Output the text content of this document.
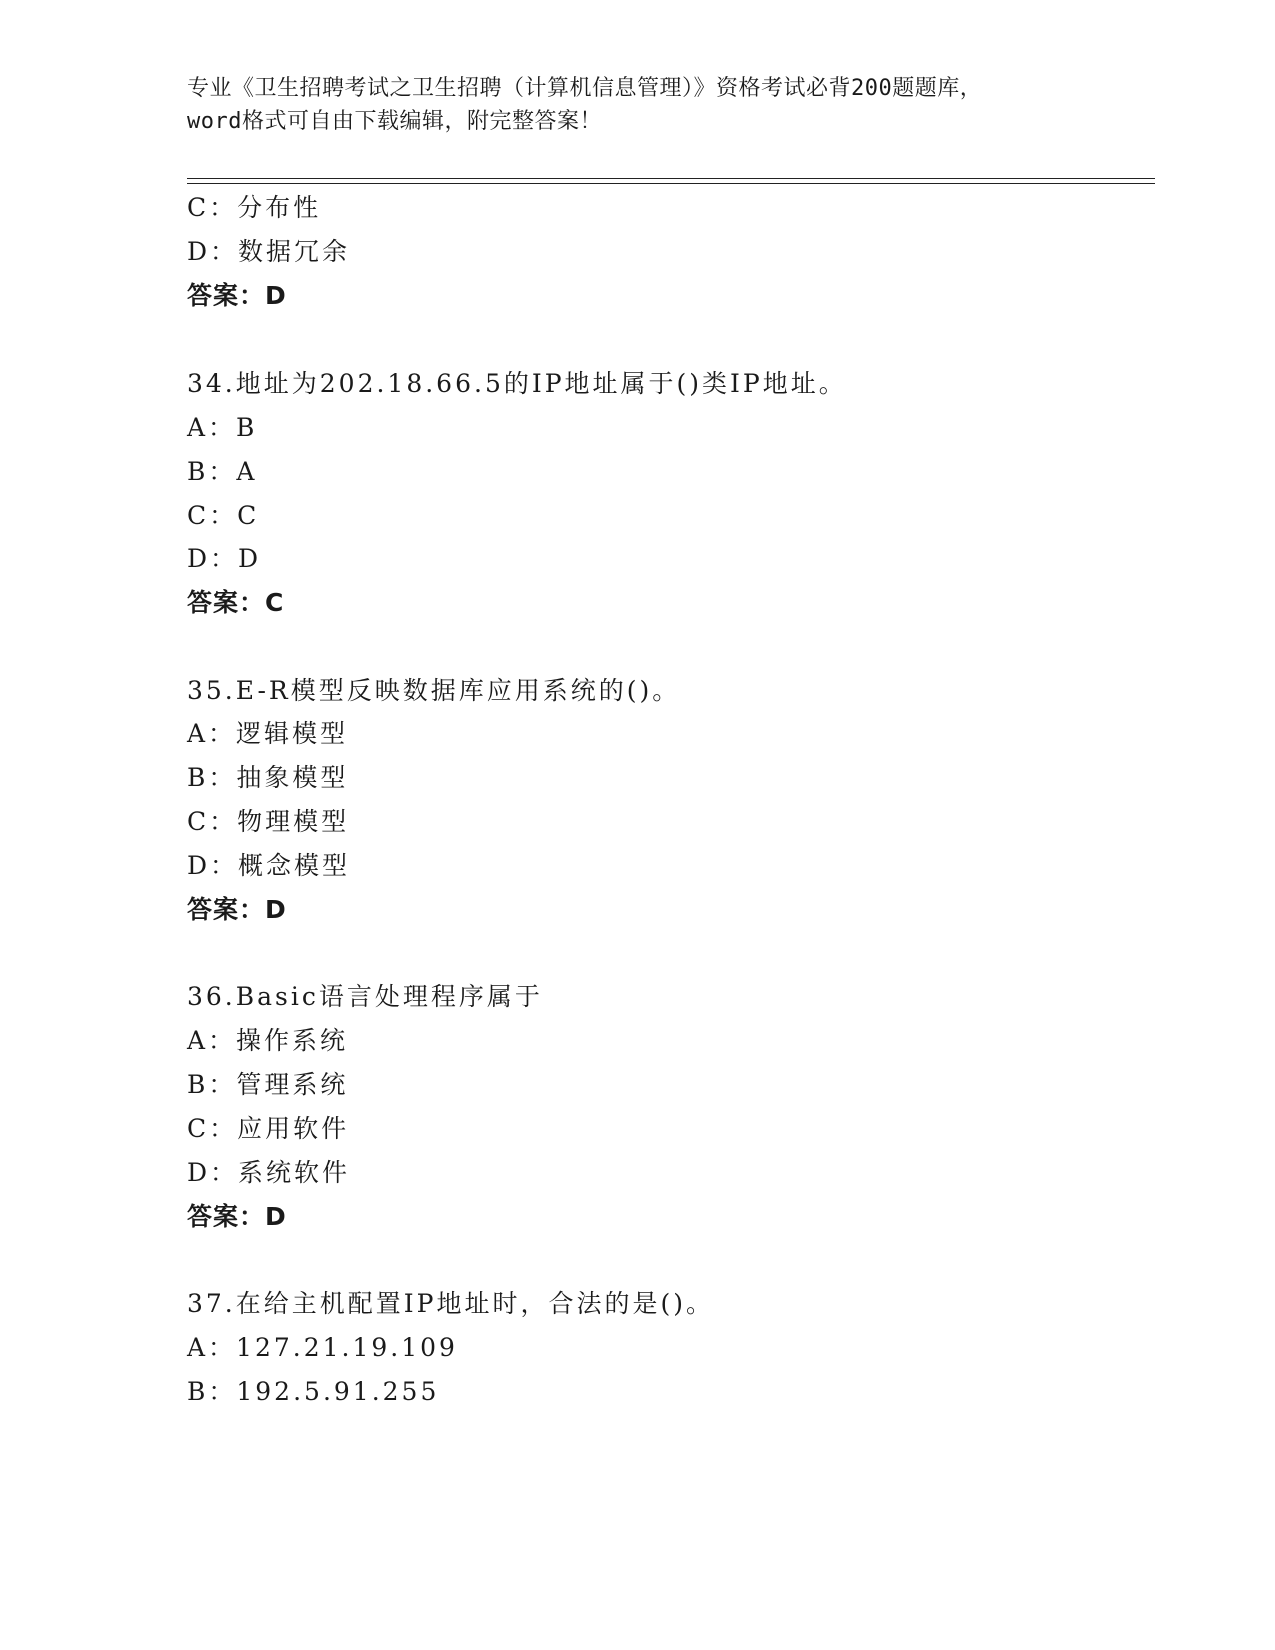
专业《卫生招聘考试之卫生招聘（计算机信息管理）》资格考试必背200题题库，
word格式可自由下载编辑，附完整答案！
C：分布性
D：数据冗余
答案：D
34.地址为202.18.66.5的IP地址属于()类IP地址。
A：B
B：A
C：C
D：D
答案：C
35.E-R模型反映数据库应用系统的()。
A：逻辑模型
B：抽象模型
C：物理模型
D：概念模型
答案：D
36.Basic语言处理程序属于
A：操作系统
B：管理系统
C：应用软件
D：系统软件
答案：D
37.在给主机配置IP地址时，合法的是()。
A：127.21.19.109
B：192.5.91.255
